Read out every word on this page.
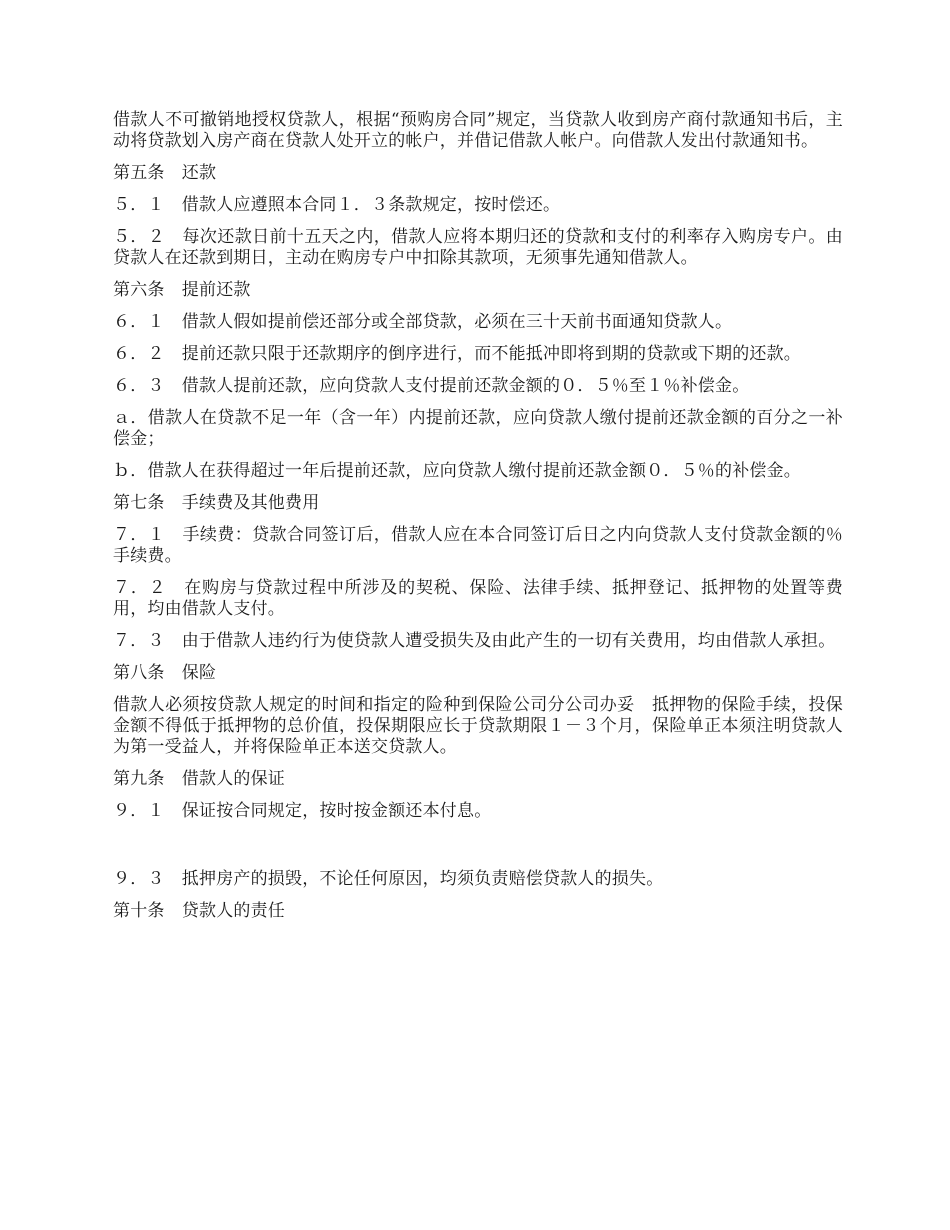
借款人不可撤销地授权贷款人，根据“预购房合同”规定，当贷款人收到房产商付款通知书后，主动将贷款划入房产商在贷款人处开立的帐户，并借记借款人帐户。向借款人发出付款通知书。

第五条　还款

５．１　借款人应遵照本合同１．３条款规定，按时偿还。

５．２　每次还款日前十五天之内，借款人应将本期归还的贷款和支付的利率存入购房专户。由贷款人在还款到期日，主动在购房专户中扣除其款项，无须事先通知借款人。

第六条　提前还款

６．１　借款人假如提前偿还部分或全部贷款，必须在三十天前书面通知贷款人。

６．２　提前还款只限于还款期序的倒序进行，而不能抵冲即将到期的贷款或下期的还款。

６．３　借款人提前还款，应向贷款人支付提前还款金额的０．５％至１％补偿金。

ａ．借款人在贷款不足一年（含一年）内提前还款，应向贷款人缴付提前还款金额的百分之一补偿金；

ｂ．借款人在获得超过一年后提前还款，应向贷款人缴付提前还款金额０．５％的补偿金。

第七条　手续费及其他费用

７．１　手续费：贷款合同签订后，借款人应在本合同签订后日之内向贷款人支付贷款金额的％手续费。

７．２　在购房与贷款过程中所涉及的契税、保险、法律手续、抵押登记、抵押物的处置等费用，均由借款人支付。

７．３　由于借款人违约行为使贷款人遭受损失及由此产生的一切有关费用，均由借款人承担。

第八条　保险

借款人必须按贷款人规定的时间和指定的险种到保险公司分公司办妥　抵押物的保险手续，投保金额不得低于抵押物的总价值，投保期限应长于贷款期限１－３个月，保险单正本须注明贷款人为第一受益人，并将保险单正本送交贷款人。

第九条　借款人的保证

９．１　保证按合同规定，按时按金额还本付息。

９．３　抵押房产的损毁，不论任何原因，均须负责赔偿贷款人的损失。

第十条　贷款人的责任
